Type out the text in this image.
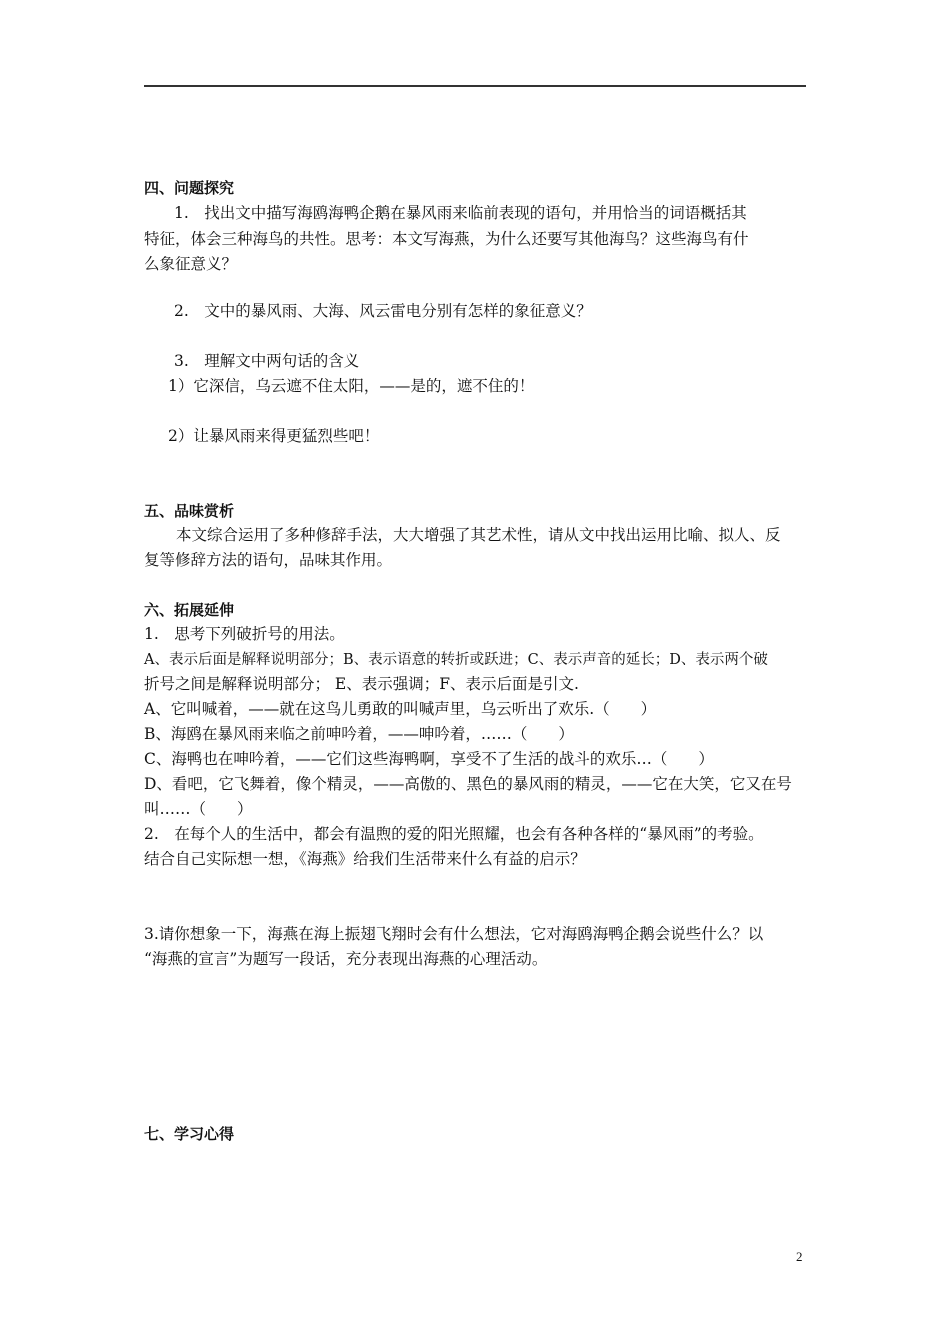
四、问题探究
1.　找出文中描写海鸥海鸭企鹅在暴风雨来临前表现的语句，并用恰当的词语概括其
特征，体会三种海鸟的共性。思考：本文写海燕，为什么还要写其他海鸟？这些海鸟有什
么象征意义？
2.　文中的暴风雨、大海、风云雷电分别有怎样的象征意义？
3.　理解文中两句话的含义
1）它深信，乌云遮不住太阳，——是的，遮不住的！
2）让暴风雨来得更猛烈些吧！
五、品味赏析
本文综合运用了多种修辞手法，大大增强了其艺术性，请从文中找出运用比喻、拟人、反
复等修辞方法的语句，品味其作用。
六、拓展延伸
1.　思考下列破折号的用法。
A、表示后面是解释说明部分；B、表示语意的转折或跃进；C、表示声音的延长；D、表示两个破
折号之间是解释说明部分； E、表示强调；F、表示后面是引文.
A、它叫喊着，——就在这鸟儿勇敢的叫喊声里，乌云听出了欢乐.（　　）
B、海鸥在暴风雨来临之前呻吟着，——呻吟着，……（　　）
C、海鸭也在呻吟着，——它们这些海鸭啊，享受不了生活的战斗的欢乐…（　　）
D、看吧，它飞舞着，像个精灵，——高傲的、黑色的暴风雨的精灵，——它在大笑，它又在号
叫……（　　）
2.　在每个人的生活中，都会有温煦的爱的阳光照耀，也会有各种各样的“暴风雨”的考验。
结合自己实际想一想，《海燕》给我们生活带来什么有益的启示？
3.请你想象一下，海燕在海上振翅飞翔时会有什么想法，它对海鸥海鸭企鹅会说些什么？以
“海燕的宣言”为题写一段话，充分表现出海燕的心理活动。
七、学习心得
2
